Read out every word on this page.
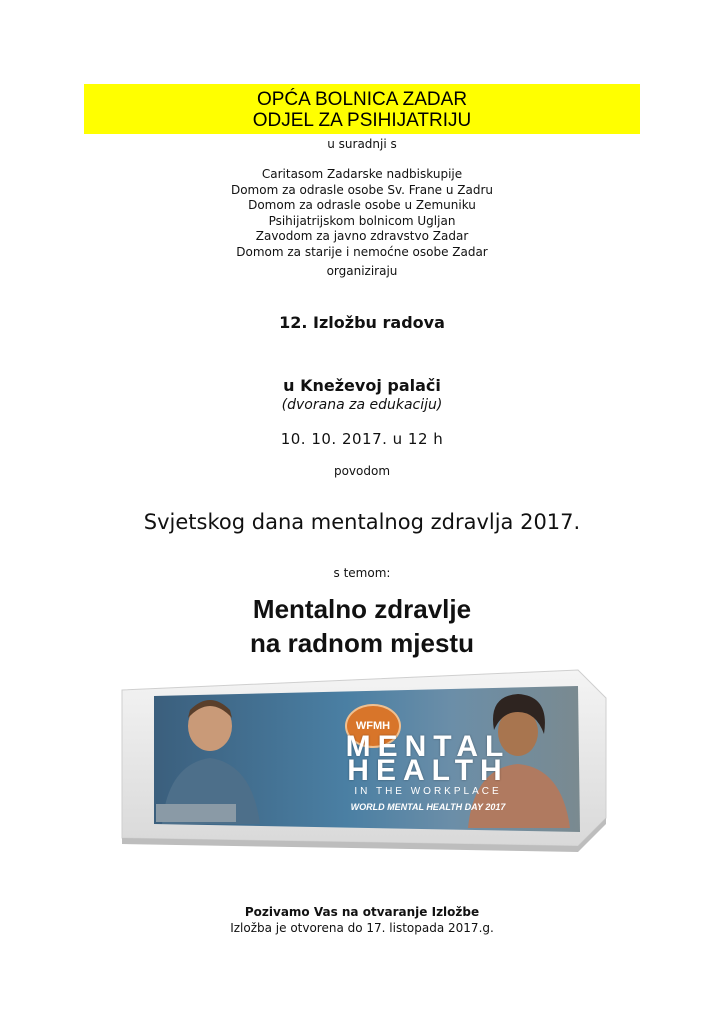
OPĆA BOLNICA ZADAR
ODJEL ZA PSIHIJATRIJU
u suradnji s
Caritasom Zadarske nadbiskupije
Domom za odrasle osobe Sv. Frane u Zadru
Domom za odrasle osobe u Zemuniku
Psihijatrijskom bolnicom Ugljan
Zavodom za javno zdravstvo Zadar
Domom za starije i nemoćne osobe Zadar
organiziraju
12. Izložbu radova
u Kneževoj palači
(dvorana za edukaciju)
10. 10. 2017. u 12 h
povodom
Svjetskog dana mentalnog zdravlja 2017.
s temom:
Mentalno zdravlje
na radnom mjestu
WFMH
MENTAL
HEALTH
IN THE WORKPLACE
WORLD MENTAL HEALTH DAY 2017
Pozivamo Vas na otvaranje Izložbe
Izložba je otvorena do 17. listopada 2017.g.
